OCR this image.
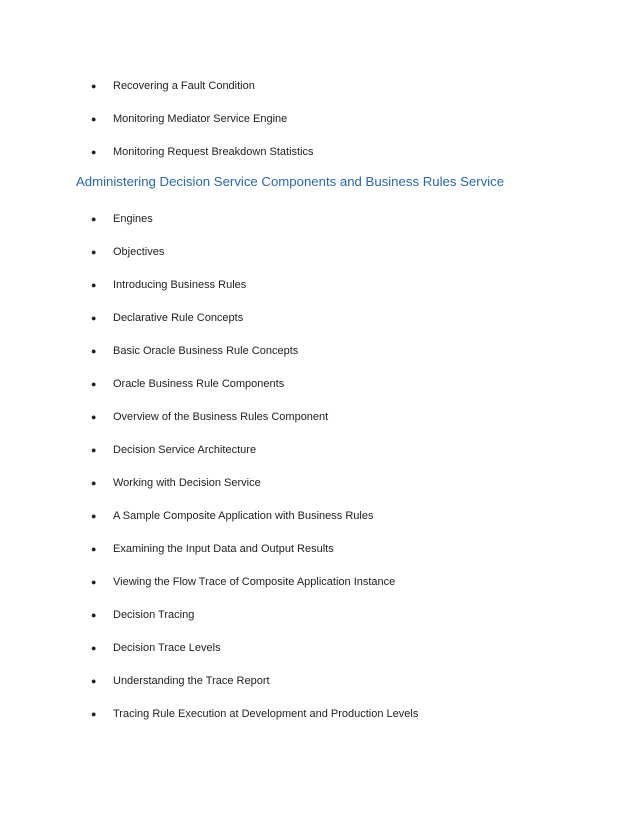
● Recovering a Fault Condition
● Monitoring Mediator Service Engine
● Monitoring Request Breakdown Statistics
Administering Decision Service Components and Business Rules Service
● Engines
● Objectives
● Introducing Business Rules
● Declarative Rule Concepts
● Basic Oracle Business Rule Concepts
● Oracle Business Rule Components
● Overview of the Business Rules Component
● Decision Service Architecture
● Working with Decision Service
● A Sample Composite Application with Business Rules
● Examining the Input Data and Output Results
● Viewing the Flow Trace of Composite Application Instance
● Decision Tracing
● Decision Trace Levels
● Understanding the Trace Report
● Tracing Rule Execution at Development and Production Levels
